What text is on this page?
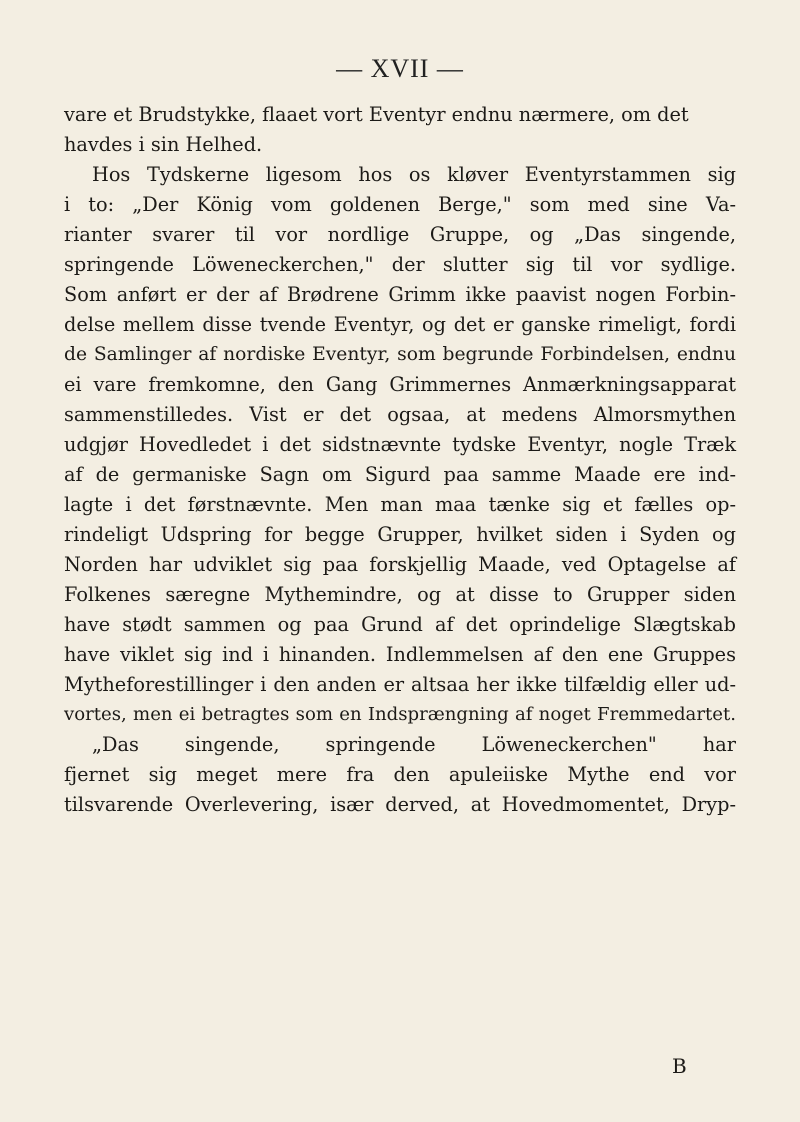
— XVII —
vare et Brudstykke, flaaet vort Eventyr endnu nærmere, om det
havdes i sin Helhed.
Hos Tydskerne ligesom hos os kløver Eventyrstammen sig
i to: „Der König vom goldenen Berge," som med sine Va-
rianter svarer til vor nordlige Gruppe, og „Das singende,
springende Löweneckerchen," der slutter sig til vor sydlige.
Som anført er der af Brødrene Grimm ikke paavist nogen Forbin-
delse mellem disse tvende Eventyr, og det er ganske rimeligt, fordi
de Samlinger af nordiske Eventyr, som begrunde Forbindelsen, endnu
ei vare fremkomne, den Gang Grimmernes Anmærkningsapparat
sammenstilledes. Vist er det ogsaa, at medens Almorsmythen
udgjør Hovedledet i det sidstnævnte tydske Eventyr, nogle Træk
af de germaniske Sagn om Sigurd paa samme Maade ere ind-
lagte i det førstnævnte. Men man maa tænke sig et fælles op-
rindeligt Udspring for begge Grupper, hvilket siden i Syden og
Norden har udviklet sig paa forskjellig Maade, ved Optagelse af
Folkenes særegne Mythemindre, og at disse to Grupper siden
have stødt sammen og paa Grund af det oprindelige Slægtskab
have viklet sig ind i hinanden. Indlemmelsen af den ene Gruppes
Mytheforestillinger i den anden er altsaa her ikke tilfældig eller ud-
vortes, men ei betragtes som en Indsprængning af noget Fremmedartet.
„Das singende, springende Löweneckerchen" har
fjernet sig meget mere fra den apuleiiske Mythe end vor
tilsvarende Overlevering, især derved, at Hovedmomentet, Dryp-
B
